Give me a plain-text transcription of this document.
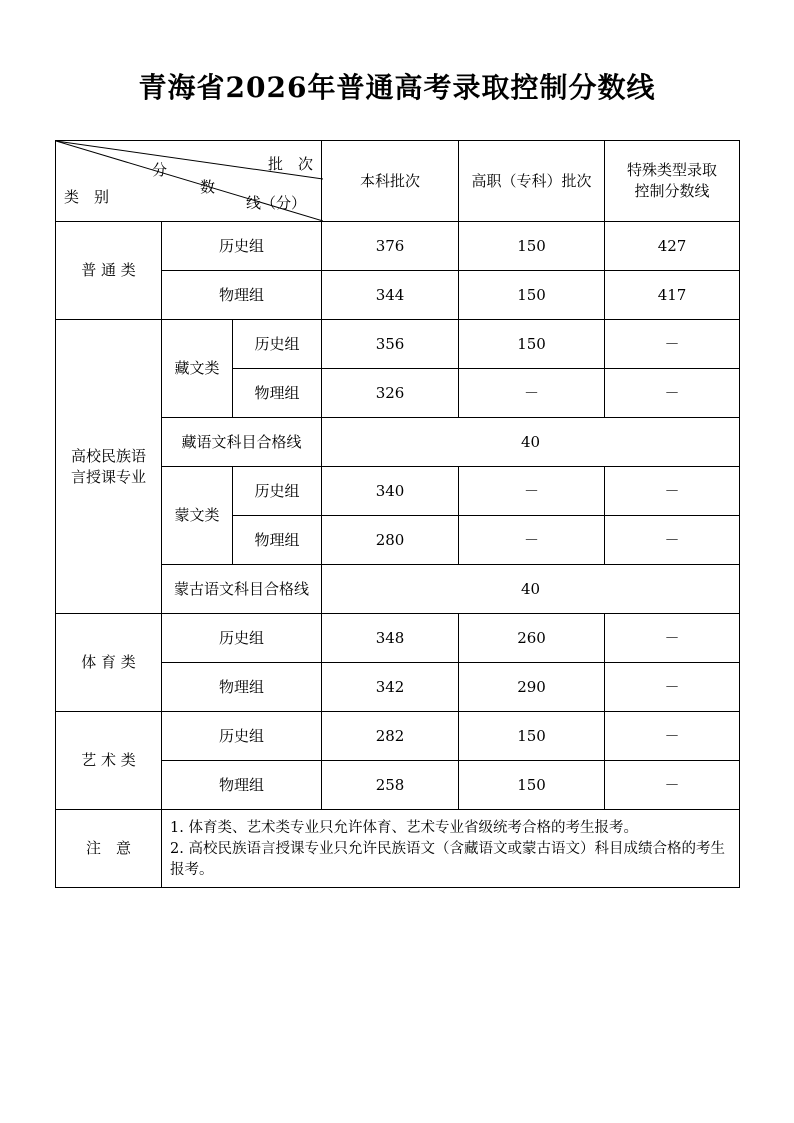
青海省2026年普通高考录取控制分数线
批　次
分
数
线（分）
类　别			本科批次	高职（专科）批次	特殊类型录取
控制分数线

普 通 类	历史组		376	150	427
	物理组		344	150	417

高校民族语
言授课专业	藏文类	历史组	356	150	－
		物理组	326	－	－
	藏语文科目合格线		40		
	蒙文类	历史组	340	－	－
		物理组	280	－	－
	蒙古语文科目合格线		40		
体 育 类	历史组		348	260	－
	物理组		342	290	－
艺 术 类	历史组		282	150	－
	物理组		258	150	－
注　意	1. 体育类、艺术类专业只允许体育、艺术专业省级统考合格的考生报考。
2. 高校民族语言授课专业只允许民族语文（含藏语文或蒙古语文）科目成绩合格的考生报考。				
